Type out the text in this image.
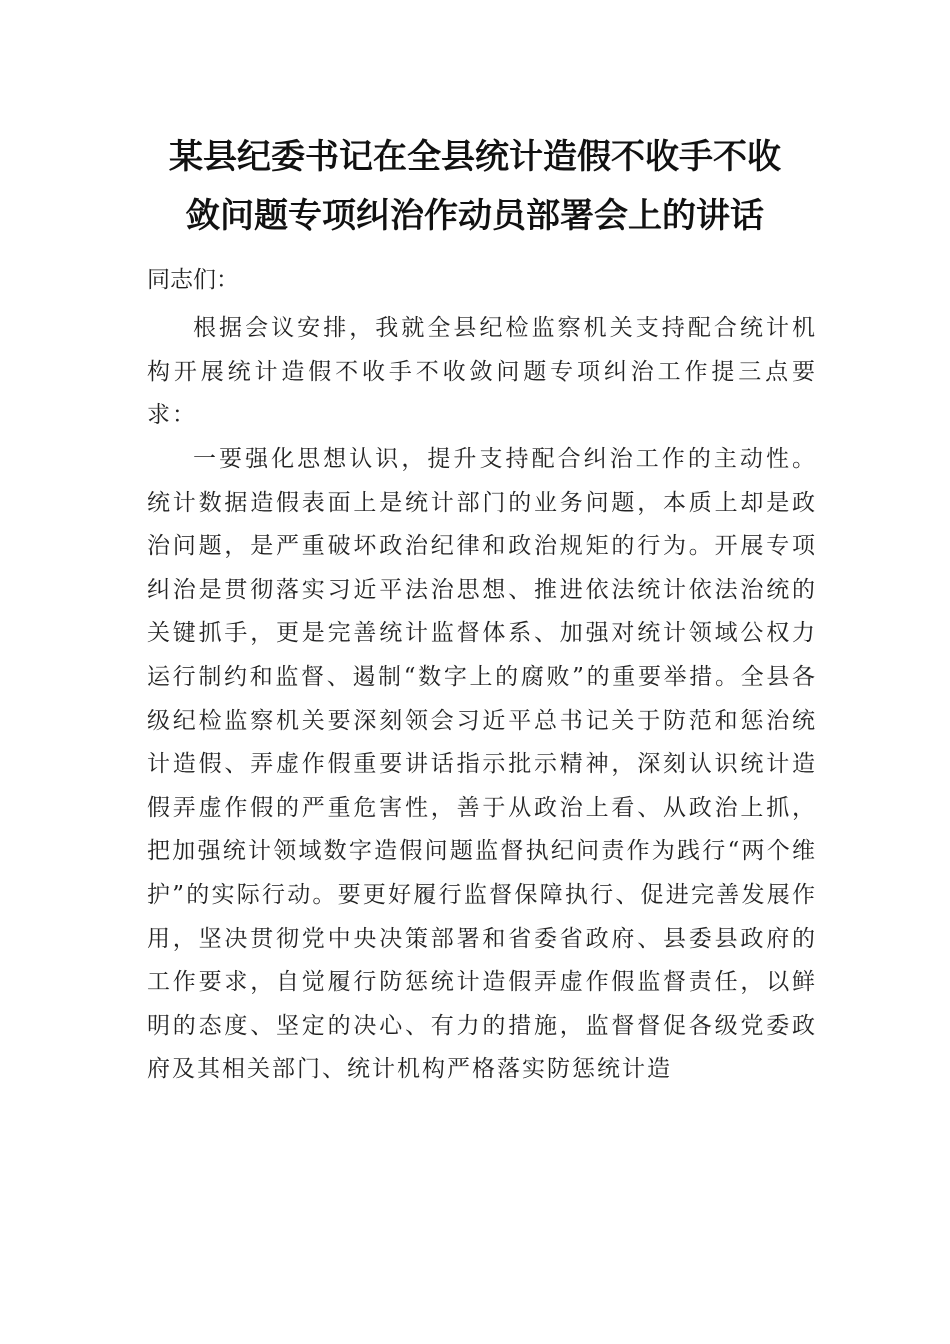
某县纪委书记在全县统计造假不收手不收
敛问题专项纠治作动员部署会上的讲话
同志们：
根据会议安排，我就全县纪检监察机关支持配合统计机构开展统计造假不收手不收敛问题专项纠治工作提三点要求：
一要强化思想认识，提升支持配合纠治工作的主动性。统计数据造假表面上是统计部门的业务问题，本质上却是政治问题，是严重破坏政治纪律和政治规矩的行为。开展专项纠治是贯彻落实习近平法治思想、推进依法统计依法治统的关键抓手，更是完善统计监督体系、加强对统计领域公权力运行制约和监督、遏制“数字上的腐败”的重要举措。全县各级纪检监察机关要深刻领会习近平总书记关于防范和惩治统计造假、弄虚作假重要讲话指示批示精神，深刻认识统计造假弄虚作假的严重危害性，善于从政治上看、从政治上抓，把加强统计领域数字造假问题监督执纪问责作为践行“两个维护”的实际行动。要更好履行监督保障执行、促进完善发展作用，坚决贯彻党中央决策部署和省委省政府、县委县政府的工作要求，自觉履行防惩统计造假弄虚作假监督责任，以鲜明的态度、坚定的决心、有力的措施，监督督促各级党委政府及其相关部门、统计机构严格落实防惩统计造
